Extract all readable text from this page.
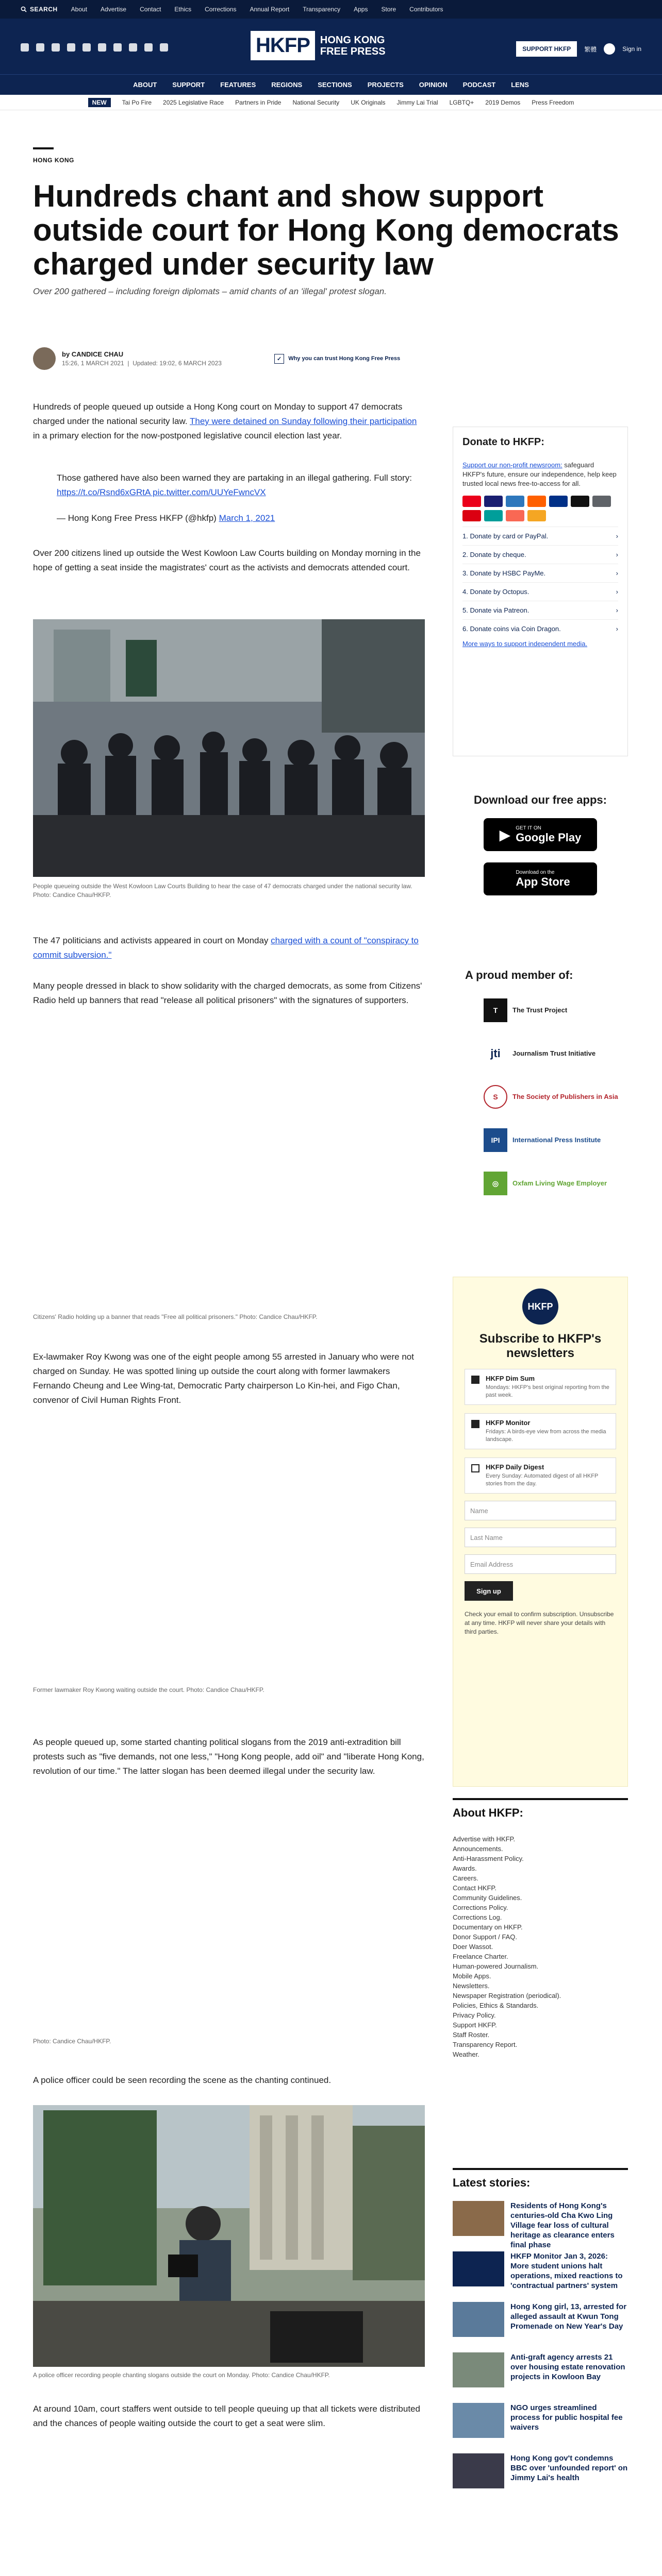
SEARCH About Advertise Contact Ethics Corrections Annual Report Transparency Apps Store Contributors
HKFP	HONG KONG
FREE PRESS	SUPPORT HKFP	繁體	Sign in
ABOUT SUPPORT FEATURES REGIONS SECTIONS PROJECTS OPINION PODCAST LENS
NEW	Tai Po Fire 2025 Legislative Race Partners in Pride National Security UK Originals Jimmy Lai Trial LGBTQ+ 2019 Demos Press Freedom
HONG KONG
Hundreds chant and show support outside court for Hong Kong democrats charged under security law
Over 200 gathered – including foreign diplomats – amid chants of an 'illegal' protest slogan.
by CANDICE CHAU
15:26, 1 MARCH 2021  |  Updated: 19:02, 6 MARCH 2023
✓	Why you can trust Hong Kong Free Press

Hundreds of people queued up outside a Hong Kong court on Monday to support 47 democrats charged under the national security law. They were detained on Sunday following their participation in a primary election for the now-postponed legislative council election last year.

Those gathered have also been warned they are partaking in an illegal gathering. Full story: https://t.co/Rsnd6xGRtA pic.twitter.com/UUYeFwncVX

— Hong Kong Free Press HKFP (@hkfp) March 1, 2021

Over 200 citizens lined up outside the West Kowloon Law Courts building on Monday morning in the hope of getting a seat inside the magistrates' court as the activists and democrats attended court.

People queueing outside the West Kowloon Law Courts Building to hear the case of 47 democrats charged under the national security law. Photo: Candice Chau/HKFP.

The 47 politicians and activists appeared in court on Monday charged with a count of "conspiracy to commit subversion."

Many people dressed in black to show solidarity with the charged democrats, as some from Citizens' Radio held up banners that read "release all political prisoners" with the signatures of supporters.

Citizens' Radio holding up a banner that reads "Free all political prisoners." Photo: Candice Chau/HKFP.

Ex-lawmaker Roy Kwong was one of the eight people among 55 arrested in January who were not charged on Sunday. He was spotted lining up outside the court along with former lawmakers Fernando Cheung and Lee Wing-tat, Democratic Party chairperson Lo Kin-hei, and Figo Chan, convenor of Civil Human Rights Front.

Former lawmaker Roy Kwong waiting outside the court. Photo: Candice Chau/HKFP.

As people queued up, some started chanting political slogans from the 2019 anti-extradition bill protests such as "five demands, not one less," "Hong Kong people, add oil" and "liberate Hong Kong, revolution of our time." The latter slogan has been deemed illegal under the security law.

Photo: Candice Chau/HKFP.

A police officer could be seen recording the scene as the chanting continued.

A police officer recording people chanting slogans outside the court on Monday. Photo: Candice Chau/HKFP.

At around 10am, court staffers went outside to tell people queuing up that all tickets were distributed and the chances of people waiting outside the court to get a seat were slim.

Donate to HKFP:
Support our non-profit newsroom: safeguard HKFP's future, ensure our independence, help keep trusted local news free-to-access for all.
1. Donate by card or PayPal.	›
2. Donate by cheque.	›
3. Donate by HSBC PayMe.	›
4. Donate by Octopus.	›
5. Donate via Patreon.	›
6. Donate coins via Coin Dragon.	›
More ways to support independent media.
Download our free apps:
▶ GET IT ON
Google Play
Download on the
App Store
A proud member of:
T	The Trust Project
jti	Journalism Trust Initiative
S	The Society of Publishers in Asia
IPI	International Press Institute
◎	Oxfam Living Wage Employer
HKFP
Subscribe to HKFP's newsletters
HKFP Dim Sum
Mondays: HKFP's best original reporting from the past week.
HKFP Monitor
Fridays: A birds-eye view from across the media landscape.
HKFP Daily Digest
Every Sunday: Automated digest of all HKFP stories from the day.
Name
Last Name
Email Address
Sign up
Check your email to confirm subscription. Unsubscribe at any time. HKFP will never share your details with third parties.
About HKFP:
Advertise with HKFP.
Announcements.
Anti-Harassment Policy.
Awards.
Careers.
Contact HKFP.
Community Guidelines.
Corrections Policy.
Corrections Log.
Documentary on HKFP.
Donor Support / FAQ.
Doer Wassot.
Freelance Charter.
Human-powered Journalism.
Mobile Apps.
Newsletters.
Newspaper Registration (periodical).
Policies, Ethics & Standards.
Privacy Policy.
Support HKFP.
Staff Roster.
Transparency Report.
Weather.
Latest stories:
Residents of Hong Kong's centuries-old Cha Kwo Ling Village fear loss of cultural heritage as clearance enters final phase
HKFP Monitor Jan 3, 2026: More student unions halt operations, mixed reactions to 'contractual partners' system
Hong Kong girl, 13, arrested for alleged assault at Kwun Tong Promenade on New Year's Day
Anti-graft agency arrests 21 over housing estate renovation projects in Kowloon Bay
NGO urges streamlined process for public hospital fee waivers
Hong Kong gov't condemns BBC over 'unfounded report' on Jimmy Lai's health
